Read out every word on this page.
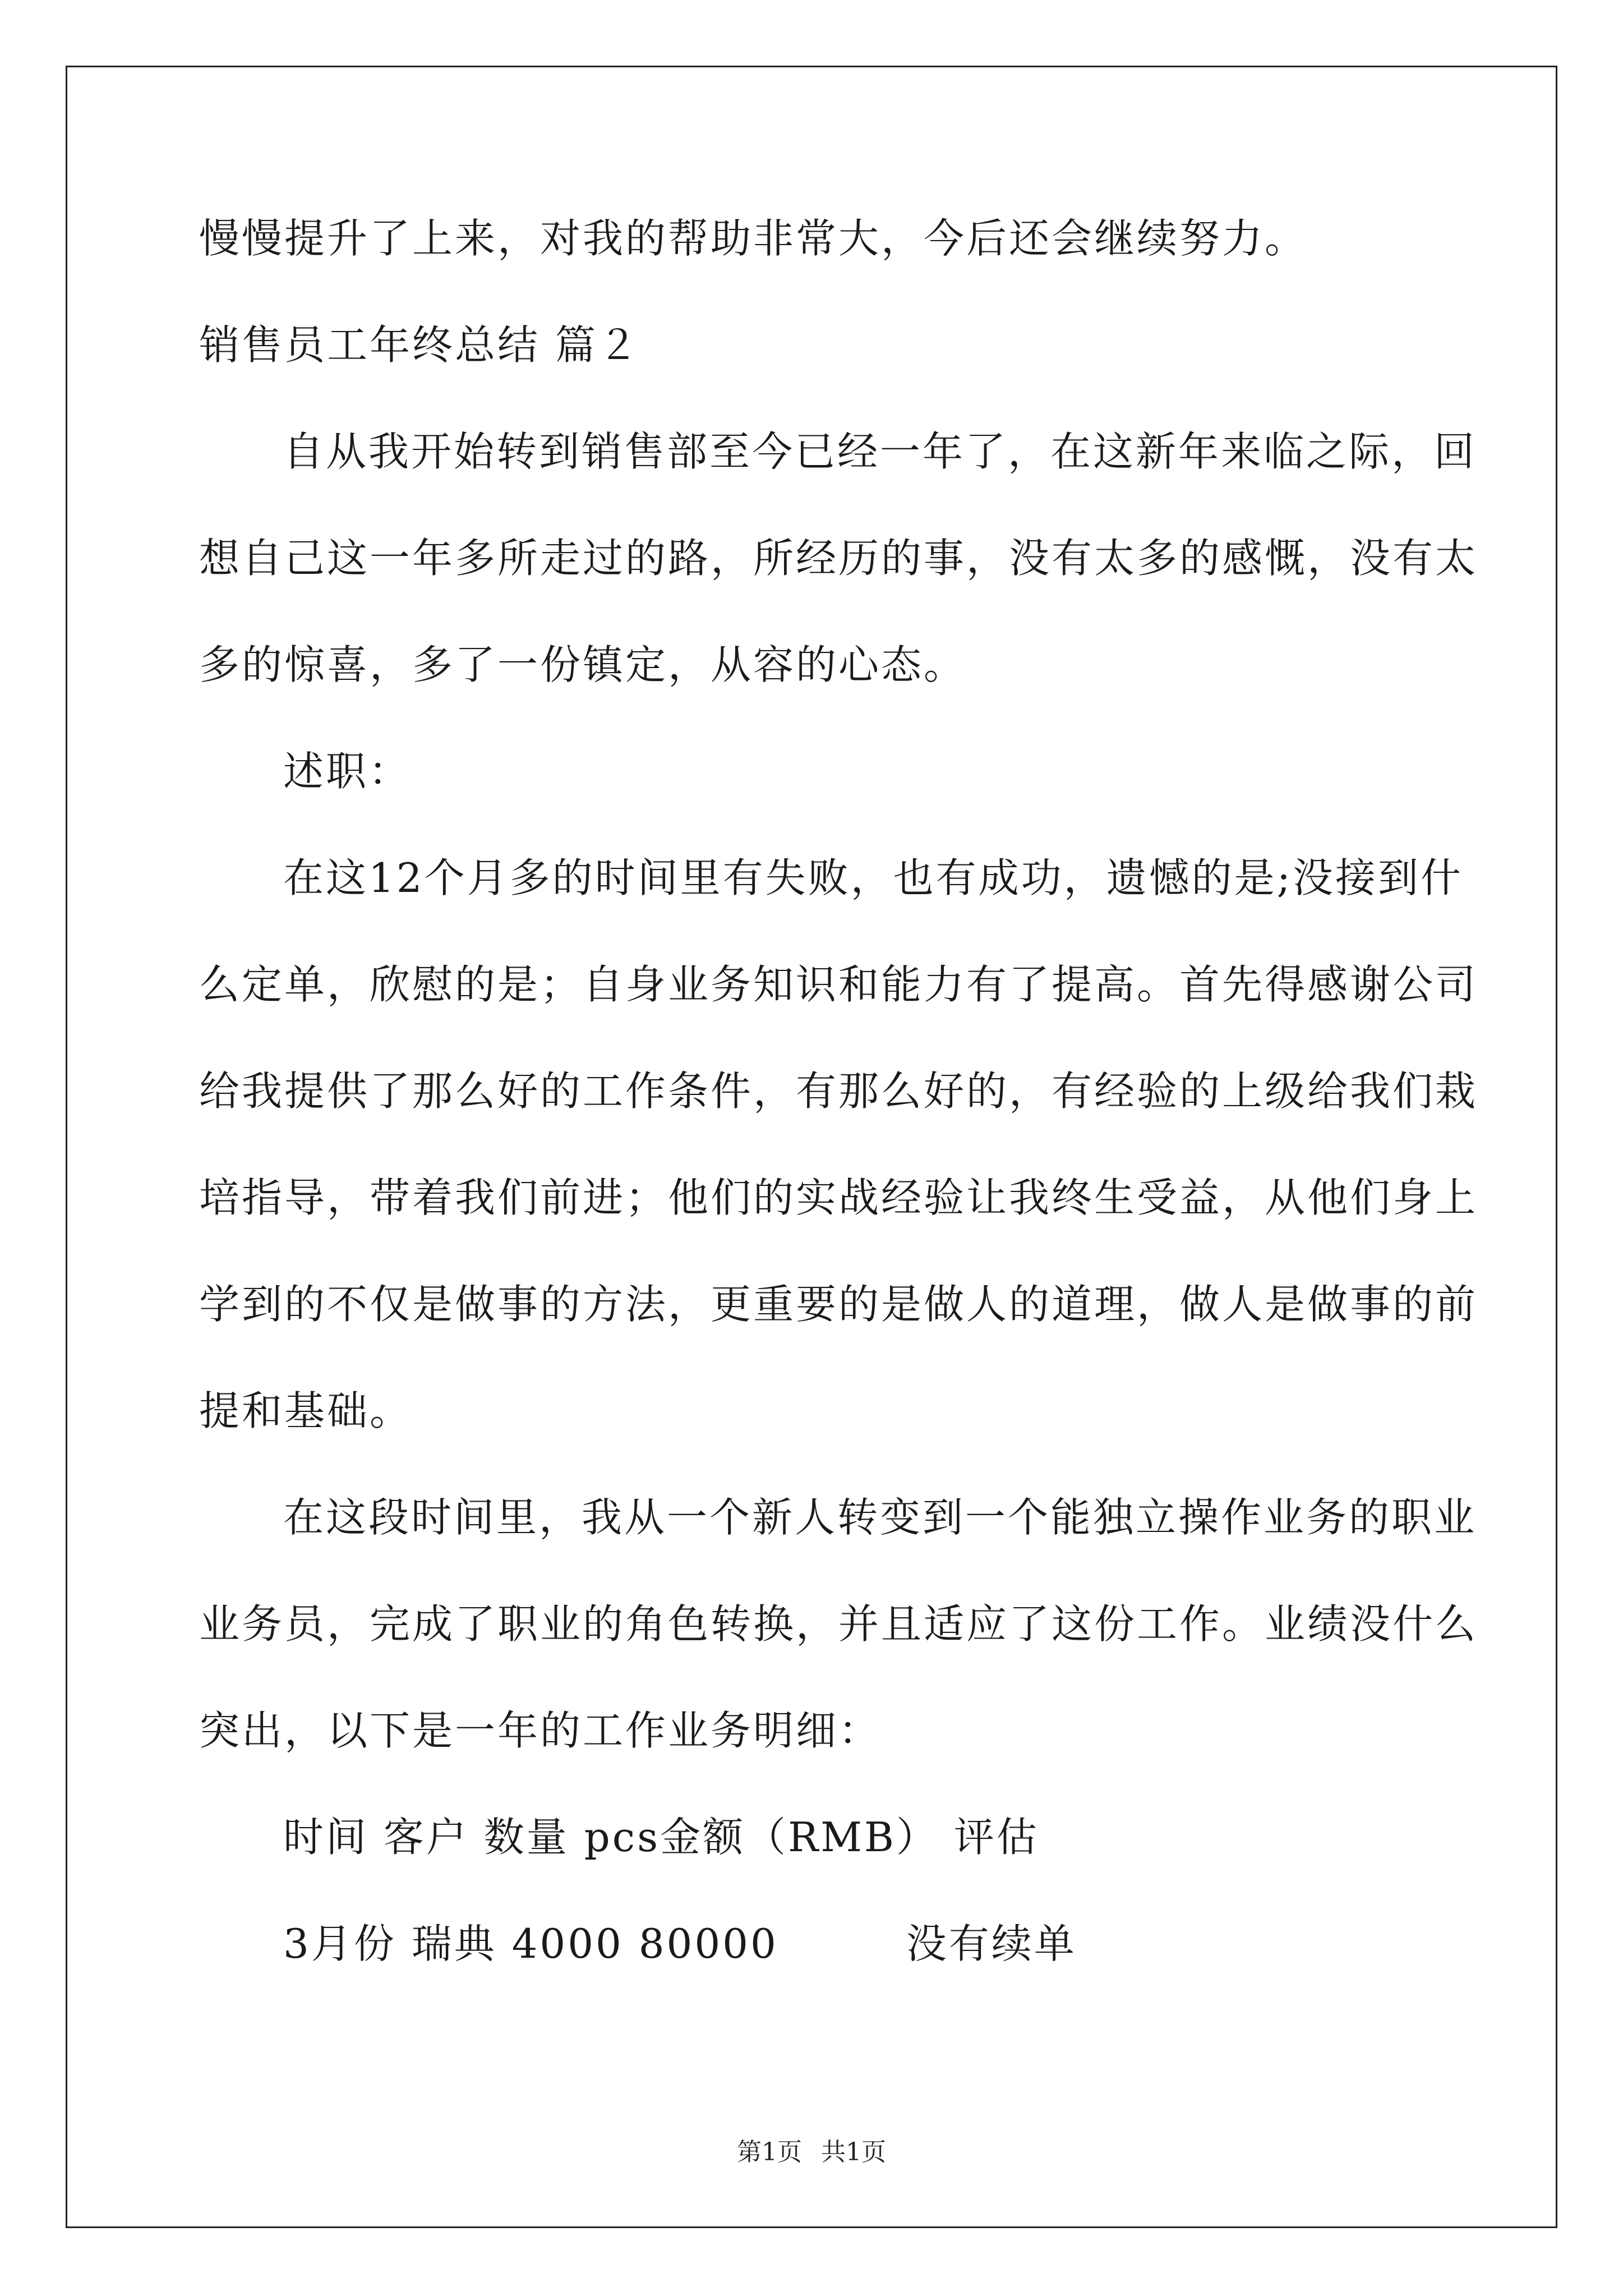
慢慢提升了上来，对我的帮助非常大，今后还会继续努力。
销售员工年终总结 篇２
自从我开始转到销售部至今已经一年了，在这新年来临之际，回
想自己这一年多所走过的路，所经历的事，没有太多的感慨，没有太
多的惊喜，多了一份镇定，从容的心态。
述职：
在这12个月多的时间里有失败，也有成功，遗憾的是;没接到什
么定单，欣慰的是；自身业务知识和能力有了提高。首先得感谢公司
给我提供了那么好的工作条件，有那么好的，有经验的上级给我们栽
培指导，带着我们前进；他们的实战经验让我终生受益，从他们身上
学到的不仅是做事的方法，更重要的是做人的道理，做人是做事的前
提和基础。
在这段时间里，我从一个新人转变到一个能独立操作业务的职业
业务员，完成了职业的角色转换，并且适应了这份工作。业绩没什么
突出，以下是一年的工作业务明细：
时间 客户 数量 pcs金额（RMB） 评估
3月份 瑞典 4000 80000　　　没有续单
第1页 共1页
